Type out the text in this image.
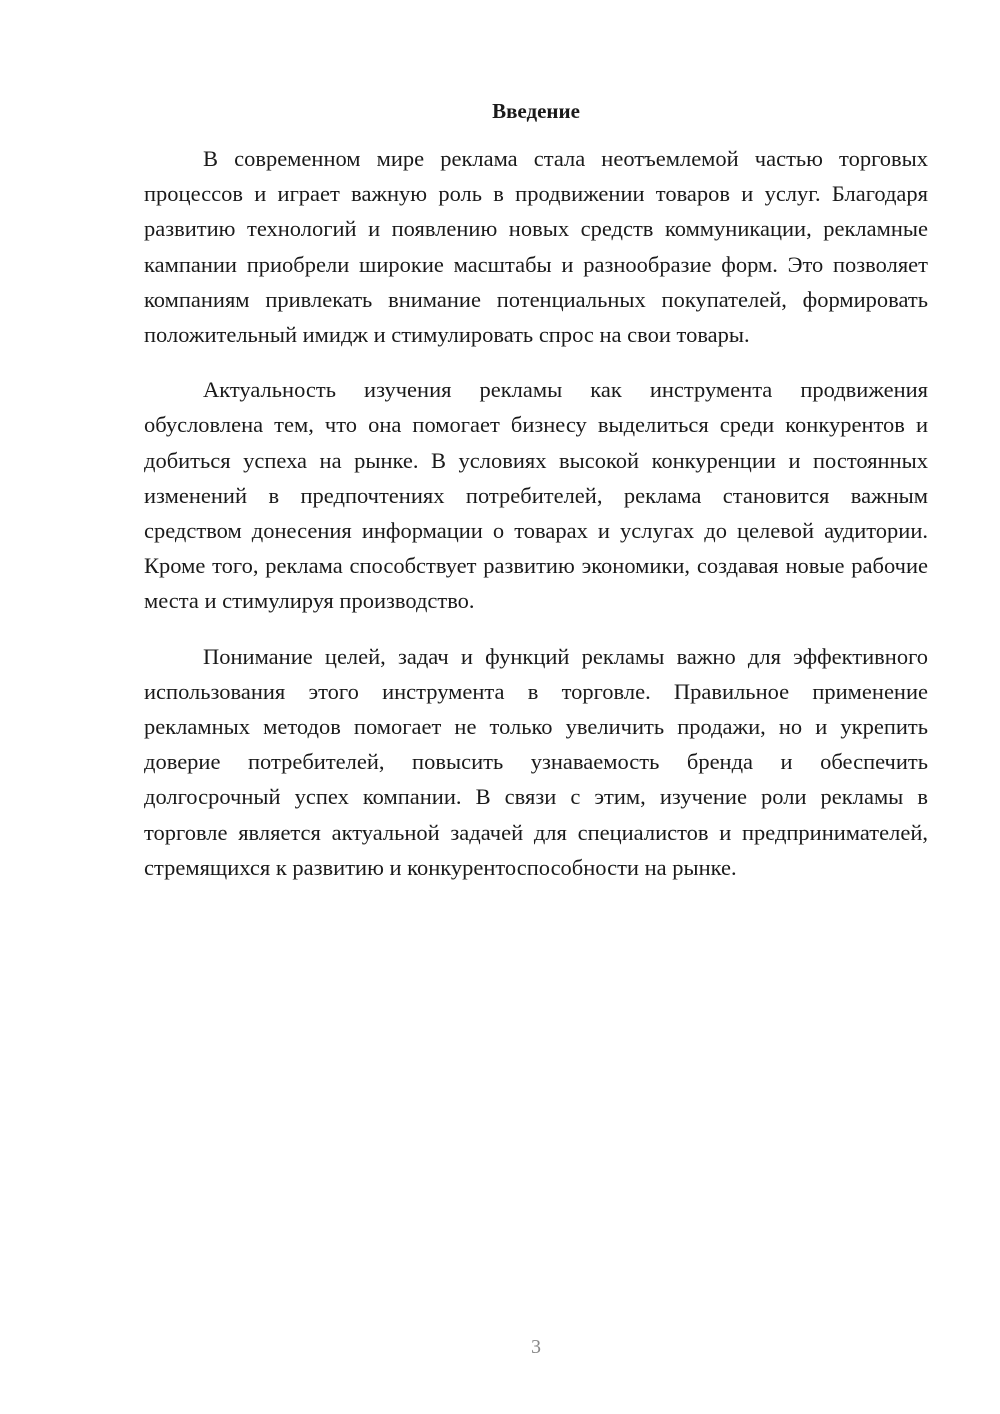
Введение

В современном мире реклама стала неотъемлемой частью торговых процессов и играет важную роль в продвижении товаров и услуг. Благодаря развитию технологий и появлению новых средств коммуникации, рекламные кампании приобрели широкие масштабы и разнообразие форм. Это позволяет компаниям привлекать внимание потенциальных покупателей, формировать положительный имидж и стимулировать спрос на свои товары.

Актуальность изучения рекламы как инструмента продвижения обусловлена тем, что она помогает бизнесу выделиться среди конкурентов и добиться успеха на рынке. В условиях высокой конкуренции и постоянных изменений в предпочтениях потребителей, реклама становится важным средством донесения информации о товарах и услугах до целевой аудитории. Кроме того, реклама способствует развитию экономики, создавая новые рабочие места и стимулируя производство.

Понимание целей, задач и функций рекламы важно для эффективного использования этого инструмента в торговле. Правильное применение рекламных методов помогает не только увеличить продажи, но и укрепить доверие потребителей, повысить узнаваемость бренда и обеспечить долгосрочный успех компании. В связи с этим, изучение роли рекламы в торговле является актуальной задачей для специалистов и предпринимателей, стремящихся к развитию и конкурентоспособности на рынке.

3
